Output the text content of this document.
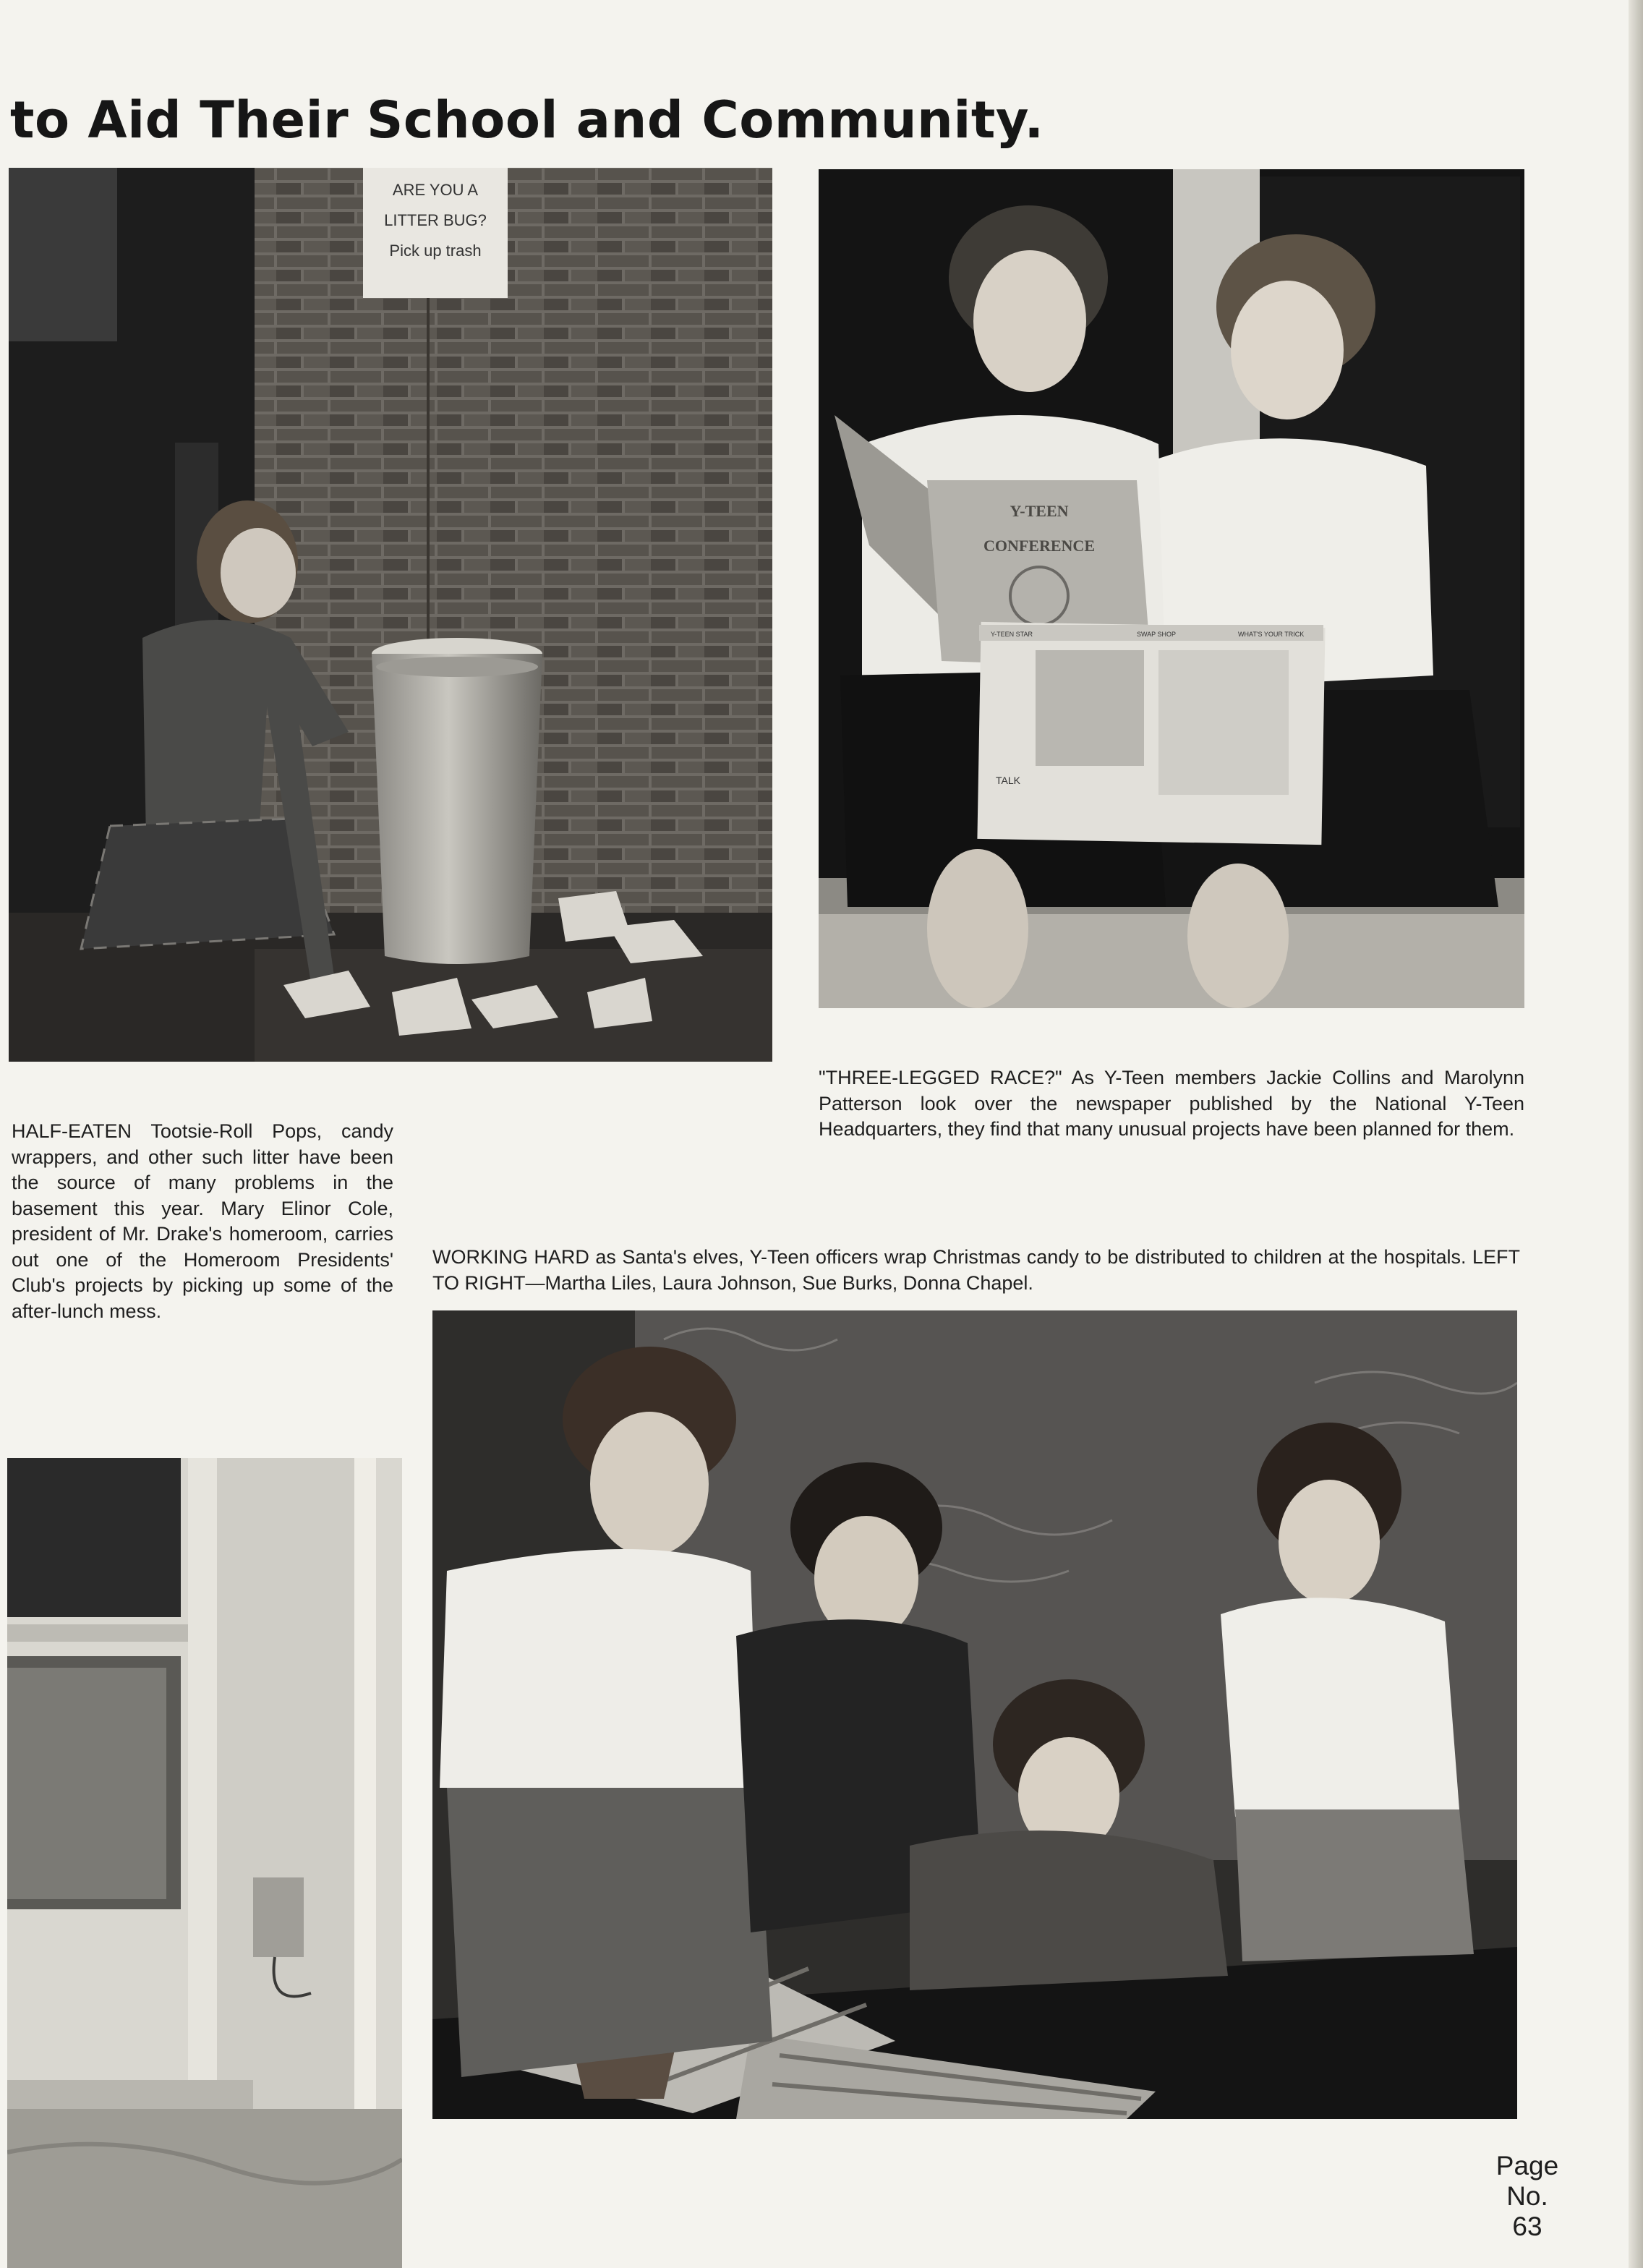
to Aid Their School and Community.
ARE YOU A
LITTER BUG?
Pick up trash
Y-TEEN
CONFERENCE
Y-TEEN STAR	SWAP SHOP	WHAT'S YOUR TRICK
TALK

HALF-EATEN Tootsie-Roll Pops, candy wrappers, and other such litter have been the source of many problems in the basement this year. Mary Elinor Cole, president of Mr. Drake's homeroom, carries out one of the Homeroom Presidents' Club's projects by picking up some of the after-lunch mess.

"THREE-LEGGED RACE?" As Y-Teen members Jackie Collins and Marolynn Patterson look over the newspaper published by the National Y-Teen Headquarters, they find that many unusual projects have been planned for them.

WORKING HARD as Santa's elves, Y-Teen officers wrap Christmas candy to be distributed to children at the hospitals. LEFT TO RIGHT—Martha Liles, Laura Johnson, Sue Burks, Donna Chapel.

Page
No.
63
